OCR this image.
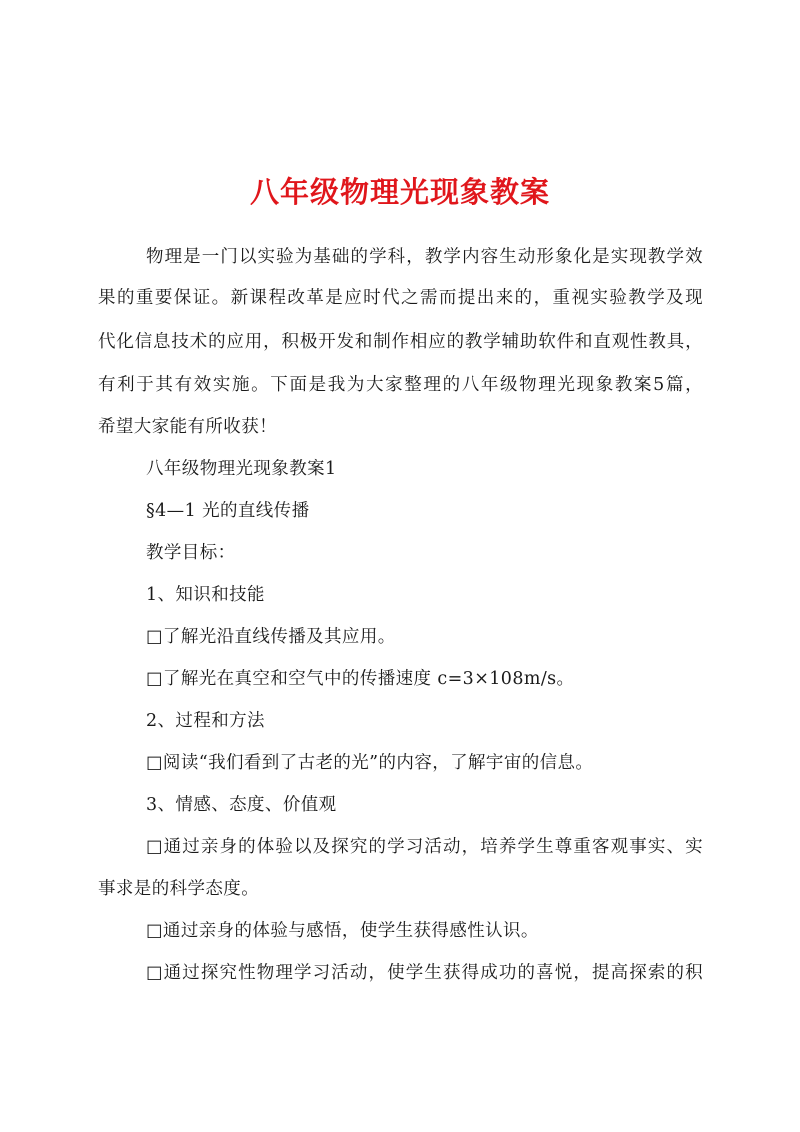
八年级物理光现象教案
物理是一门以实验为基础的学科，教学内容生动形象化是实现教学效
果的重要保证。新课程改革是应时代之需而提出来的，重视实验教学及现
代化信息技术的应用，积极开发和制作相应的教学辅助软件和直观性教具，
有利于其有效实施。下面是我为大家整理的八年级物理光现象教案5篇，
希望大家能有所收获！
八年级物理光现象教案1
§4—1 光的直线传播
教学目标：
1、知识和技能
□了解光沿直线传播及其应用。
□了解光在真空和空气中的传播速度 c=3×108m/s。
2、过程和方法
□阅读“我们看到了古老的光”的内容，了解宇宙的信息。
3、情感、态度、价值观
□通过亲身的体验以及探究的学习活动，培养学生尊重客观事实、实
事求是的科学态度。
□通过亲身的体验与感悟，使学生获得感性认识。
□通过探究性物理学习活动，使学生获得成功的喜悦，提高探索的积
